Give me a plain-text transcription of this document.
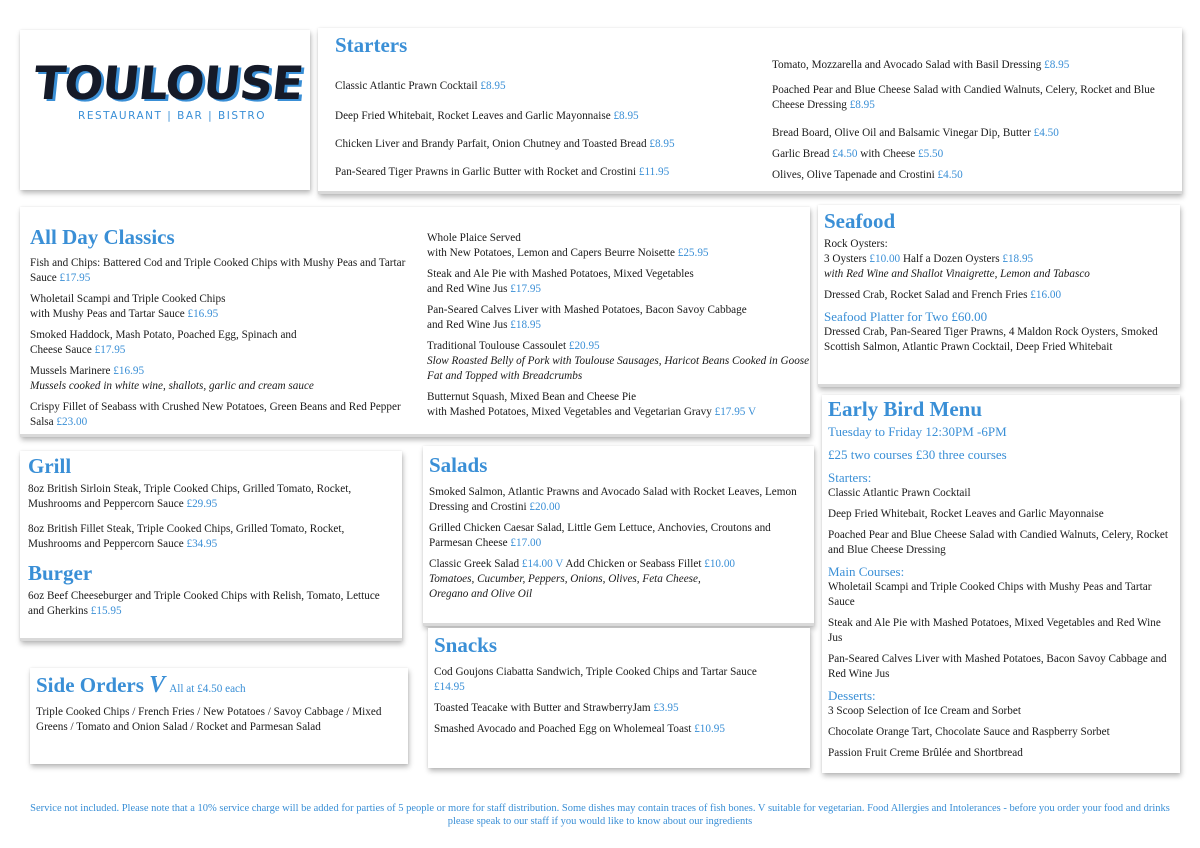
TOULOUSE
RESTAURANT | BAR | BISTRO
Starters
Classic Atlantic Prawn Cocktail £8.95
Deep Fried Whitebait, Rocket Leaves and Garlic Mayonnaise £8.95
Chicken Liver and Brandy Parfait, Onion Chutney and Toasted Bread £8.95
Pan-Seared Tiger Prawns in Garlic Butter with Rocket and Crostini £11.95
Tomato, Mozzarella and Avocado Salad with Basil Dressing £8.95
Poached Pear and Blue Cheese Salad with Candied Walnuts, Celery, Rocket and Blue Cheese Dressing £8.95
Bread Board, Olive Oil and Balsamic Vinegar Dip, Butter £4.50
Garlic Bread £4.50 with Cheese £5.50
Olives, Olive Tapenade and Crostini £4.50
All Day Classics
Fish and Chips: Battered Cod and Triple Cooked Chips with Mushy Peas and Tartar Sauce £17.95
Wholetail Scampi and Triple Cooked Chips
with Mushy Peas and Tartar Sauce £16.95
Smoked Haddock, Mash Potato, Poached Egg, Spinach and
Cheese Sauce £17.95
Mussels Marinere £16.95
Mussels cooked in white wine, shallots, garlic and cream sauce
Crispy Fillet of Seabass with Crushed New Potatoes, Green Beans and Red Pepper Salsa £23.00
Whole Plaice Served
with New Potatoes, Lemon and Capers Beurre Noisette £25.95
Steak and Ale Pie with Mashed Potatoes, Mixed Vegetables
and Red Wine Jus £17.95
Pan-Seared Calves Liver with Mashed Potatoes, Bacon Savoy Cabbage
and Red Wine Jus £18.95
Traditional Toulouse Cassoulet £20.95
Slow Roasted Belly of Pork with Toulouse Sausages, Haricot Beans Cooked in Goose Fat and Topped with Breadcrumbs
Butternut Squash, Mixed Bean and Cheese Pie
with Mashed Potatoes, Mixed Vegetables and Vegetarian Gravy £17.95 V
Seafood
Rock Oysters:
3 Oysters £10.00 Half a Dozen Oysters £18.95
with Red Wine and Shallot Vinaigrette, Lemon and Tabasco
Dressed Crab, Rocket Salad and French Fries £16.00
Seafood Platter for Two £60.00
Dressed Crab, Pan-Seared Tiger Prawns, 4 Maldon Rock Oysters, Smoked Scottish Salmon, Atlantic Prawn Cocktail, Deep Fried Whitebait
Early Bird Menu
Tuesday to Friday 12:30PM -6PM
£25 two courses £30 three courses
Starters:
Classic Atlantic Prawn Cocktail
Deep Fried Whitebait, Rocket Leaves and Garlic Mayonnaise
Poached Pear and Blue Cheese Salad with Candied Walnuts, Celery, Rocket and Blue Cheese Dressing
Main Courses:
Wholetail Scampi and Triple Cooked Chips with Mushy Peas and Tartar Sauce
Steak and Ale Pie with Mashed Potatoes, Mixed Vegetables and Red Wine Jus
Pan-Seared Calves Liver with Mashed Potatoes, Bacon Savoy Cabbage and Red Wine Jus
Desserts:
3 Scoop Selection of Ice Cream and Sorbet
Chocolate Orange Tart, Chocolate Sauce and Raspberry Sorbet
Passion Fruit Creme Brûlée and Shortbread
Grill
8oz British Sirloin Steak, Triple Cooked Chips, Grilled Tomato, Rocket, Mushrooms and Peppercorn Sauce £29.95
8oz British Fillet Steak, Triple Cooked Chips, Grilled Tomato, Rocket, Mushrooms and Peppercorn Sauce £34.95
Burger
6oz Beef Cheeseburger and Triple Cooked Chips with Relish, Tomato, Lettuce and Gherkins £15.95
Salads
Smoked Salmon, Atlantic Prawns and Avocado Salad with Rocket Leaves, Lemon Dressing and Crostini £20.00
Grilled Chicken Caesar Salad, Little Gem Lettuce, Anchovies, Croutons and Parmesan Cheese £17.00
Classic Greek Salad £14.00 V Add Chicken or Seabass Fillet £10.00
Tomatoes, Cucumber, Peppers, Onions, Olives, Feta Cheese, Oregano and Olive Oil
Side Orders V All at £4.50 each
Triple Cooked Chips / French Fries / New Potatoes / Savoy Cabbage / Mixed Greens / Tomato and Onion Salad / Rocket and Parmesan Salad
Snacks
Cod Goujons Ciabatta Sandwich, Triple Cooked Chips and Tartar Sauce
£14.95
Toasted Teacake with Butter and StrawberryJam £3.95
Smashed Avocado and Poached Egg on Wholemeal Toast £10.95
Service not included. Please note that a 10% service charge will be added for parties of 5 people or more for staff distribution. Some dishes may contain traces of fish bones. V suitable for vegetarian. Food Allergies and Intolerances - before you order your food and drinks please speak to our staff if you would like to know about our ingredients
